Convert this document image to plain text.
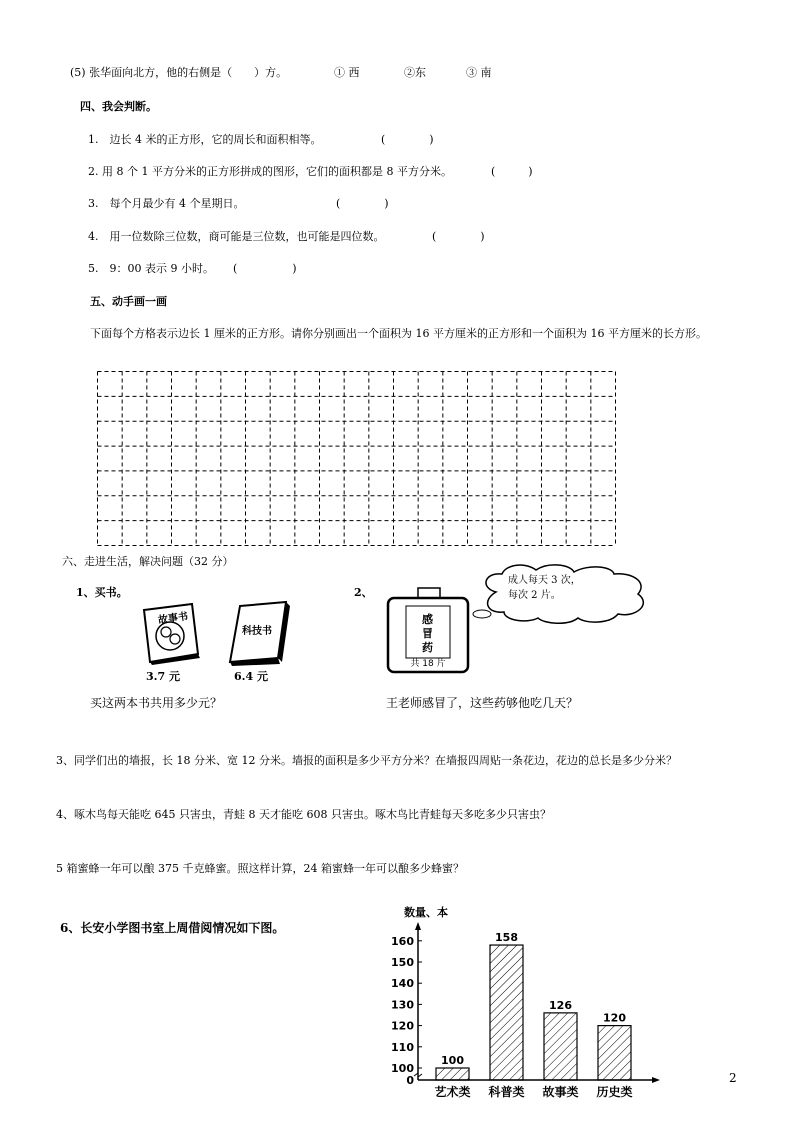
(5) 张华面向北方，他的右侧是（　　）方。	① 西	②东	③ 南
四、我会判断。
1.　边长 4 米的正方形，它的周长和面积相等。	(　　　　)
2. 用 8 个 1 平方分米的正方形拼成的图形，它们的面积都是 8 平方分米。	(　　　)
3.　每个月最少有 4 个星期日。	(　　　　)
4.　用一位数除三位数，商可能是三位数，也可能是四位数。	(　　　　)
5.　9：00 表示 9 小时。 (　　　　　)
五、动手画一画
下面每个方格表示边长 1 厘米的正方形。请你分别画出一个面积为 16 平方厘米的正方形和一个面积为 16 平方厘米的长方形。
六、走进生活，解决问题（32 分）
1、买书。
故事书
3.7 元
科技书
6.4 元
买这两本书共用多少元？
2、
共 18 片
感冒药
成人每天 3 次，
每次 2 片。
王老师感冒了，这些药够他吃几天？
3、同学们出的墙报，长 18 分米、宽 12 分米。墙报的面积是多少平方分米？在墙报四周贴一条花边，花边的总长是多少分米？
4、啄木鸟每天能吃 645 只害虫，青蛙 8 天才能吃 608 只害虫。啄木鸟比青蛙每天多吃多少只害虫？
5 箱蜜蜂一年可以酿 375 千克蜂蜜。照这样计算，24 箱蜜蜂一年可以酿多少蜂蜜？
6、长安小学图书室上周借阅情况如下图。
数量、本
0
100
110
120
130
140
150
160
100
158
126
120
艺术类 科普类 故事类 历史类
2
